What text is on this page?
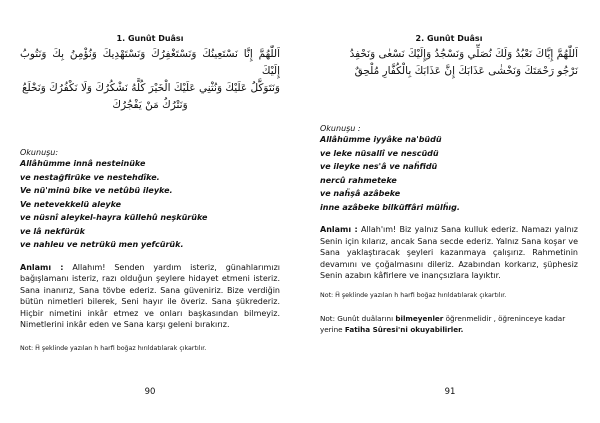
1. Gunût Duâsı
اَللّٰهُمَّ إِنَّا نَسْتَعِينُكَ وَنَسْتَغْفِرُكَ وَنَسْتَهْدِيكَ وَنُؤْمِنُ بِكَ وَنَتُوبُ إِلَيْكَ
وَنَتَوَكَّلُ عَلَيْكَ وَنُثْنِي عَلَيْكَ الْخَيْرَ كُلَّهُ نَشْكُرُكَ وَلَا نَكْفُرُكَ وَنَخْلَعُ
وَنَتْرُكُ مَنْ يَفْجُرُكَ
Okunuşu:
Allâhümme innâ nesteinüke
ve nestağfirüke ve nestehdîke.
Ve nü'minü bike ve netûbü ileyke.
Ve netevekkelü aleyke
ve nüsnî aleykel-hayra küllehû neşkürüke
ve lâ nekfürük
ve nahleu ve netrükü men yefcürük.
Anlamı : Allahım! Senden yardım isteriz, günahlarımızı bağışlamanı isteriz, razı olduğun şeylere hidayet etmeni isteriz. Sana inanırız, Sana tövbe ederiz. Sana güveniriz. Bize verdiğin bütün nimetleri bilerek, Seni hayır ile överiz. Sana şükrederiz. Hiçbir nimetini inkâr etmez ve onları başkasından bilmeyiz. Nimetlerini inkâr eden ve Sana karşı geleni bırakırız.
Not: Ḧ şeklinde yazılan h harfi boğaz hırıldatılarak çıkartılır.
90
2. Gunût Duâsı
اَللّٰهُمَّ إِيَّاكَ نَعْبُدُ وَلَكَ نُصَلِّي وَنَسْجُدُ وَإِلَيْكَ نَسْعٰى وَنَحْفِدُ
نَرْجُو رَحْمَتَكَ وَنَخْشٰى عَذَابَكَ إِنَّ عَذَابَكَ بِالْكُفَّارِ مُلْحِقٌ
Okunuşu :
Allâhümme iyyâke na'büdü
ve leke nüsallî ve nescüdü
ve ileyke nes'â ve naḧfidü
nercû rahmeteke
ve naḧşâ azâbeke
inne azâbeke bilküffâri mülḧıg.
Anlamı : Allah'ım! Biz yalnız Sana kulluk ederiz. Namazı yalnız Senin için kılarız, ancak Sana secde ederiz. Yalnız Sana koşar ve Sana yaklaştıracak şeyleri kazanmaya çalışırız. Rahmetinin devamını ve çoğalmasını dileriz. Azabından korkarız, şüphesiz Senin azabın kâfirlere ve inançsızlara layıktır.
Not: Ḧ şeklinde yazılan h harfi boğaz hırıldatılarak çıkartılır.
Not: Gunût duâlarını bilmeyenler öğrenmelidir , öğreninceye kadar yerine Fatiha Sûresi'ni okuyabilirler.
91
